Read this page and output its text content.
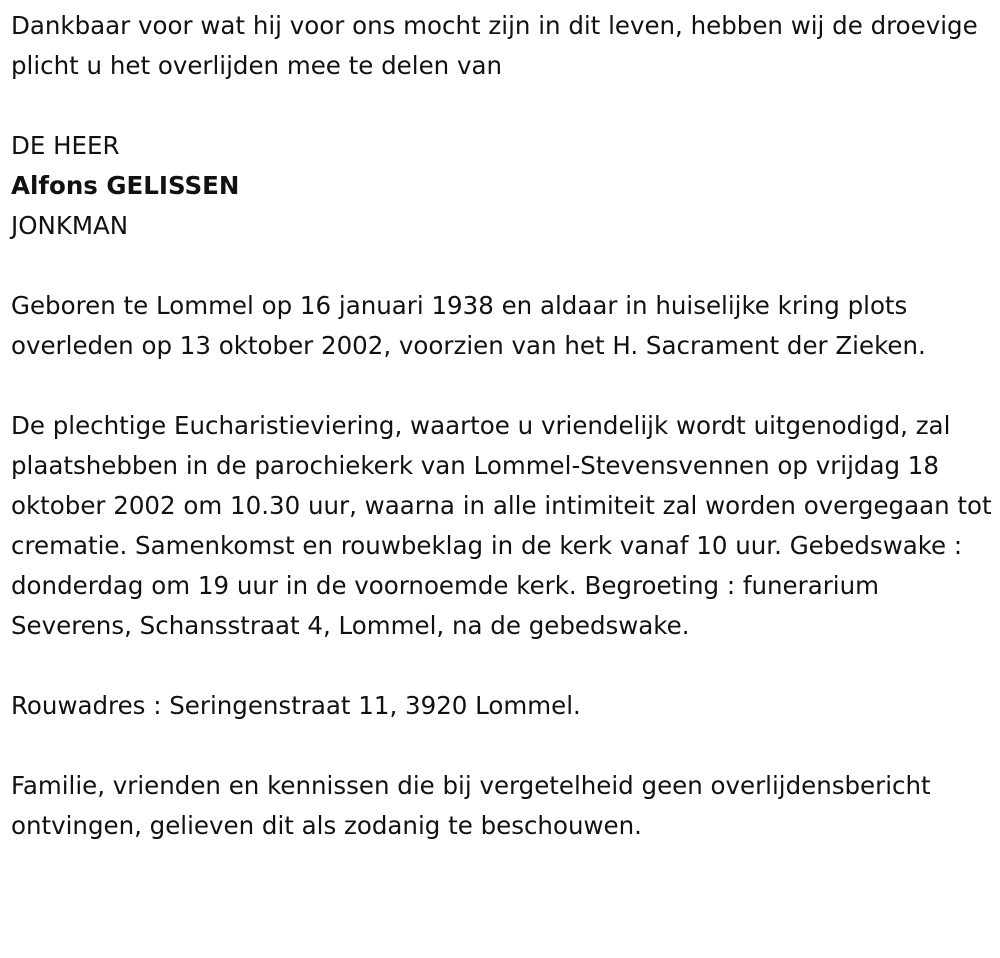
Dankbaar voor wat hij voor ons mocht zijn in dit leven, hebben wij de droevige plicht u het overlijden mee te delen van

DE HEER

Alfons GELISSEN

JONKMAN

Geboren te Lommel op 16 januari 1938 en aldaar in huiselijke kring plots overleden op 13 oktober 2002, voorzien van het H. Sacrament der Zieken.

De plechtige Eucharistieviering, waartoe u vriendelijk wordt uitgenodigd, zal plaatshebben in de parochiekerk van Lommel-Stevensvennen op vrijdag 18 oktober 2002 om 10.30 uur, waarna in alle intimiteit zal worden overgegaan tot crematie. Samenkomst en rouwbeklag in de kerk vanaf 10 uur. Gebedswake : donderdag om 19 uur in de voornoemde kerk. Begroeting : funerarium Severens, Schansstraat 4, Lommel, na de gebedswake.

Rouwadres : Seringenstraat 11, 3920 Lommel.

Familie, vrienden en kennissen die bij vergetelheid geen overlijdensbericht ontvingen, gelieven dit als zodanig te beschouwen.
